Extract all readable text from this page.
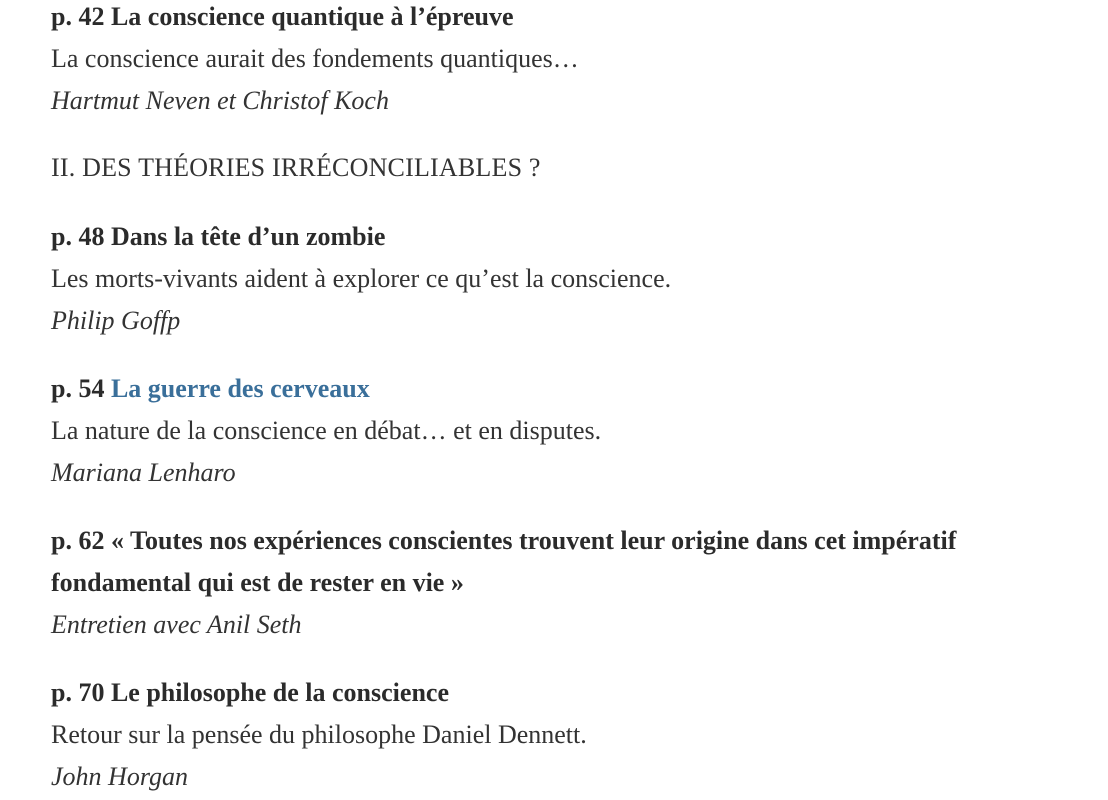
p. 42 La conscience quantique à l’épreuve
La conscience aurait des fondements quantiques…
Hartmut Neven et Christof Koch
II. DES THÉORIES IRRÉCONCILIABLES ?
p. 48 Dans la tête d’un zombie
Les morts-vivants aident à explorer ce qu’est la conscience.
Philip Goffp
p. 54 La guerre des cerveaux
La nature de la conscience en débat… et en disputes.
Mariana Lenharo
p. 62 « Toutes nos expériences conscientes trouvent leur origine dans cet impératif fondamental qui est de rester en vie »
Entretien avec Anil Seth
p. 70 Le philosophe de la conscience
Retour sur la pensée du philosophe Daniel Dennett.
John Horgan
